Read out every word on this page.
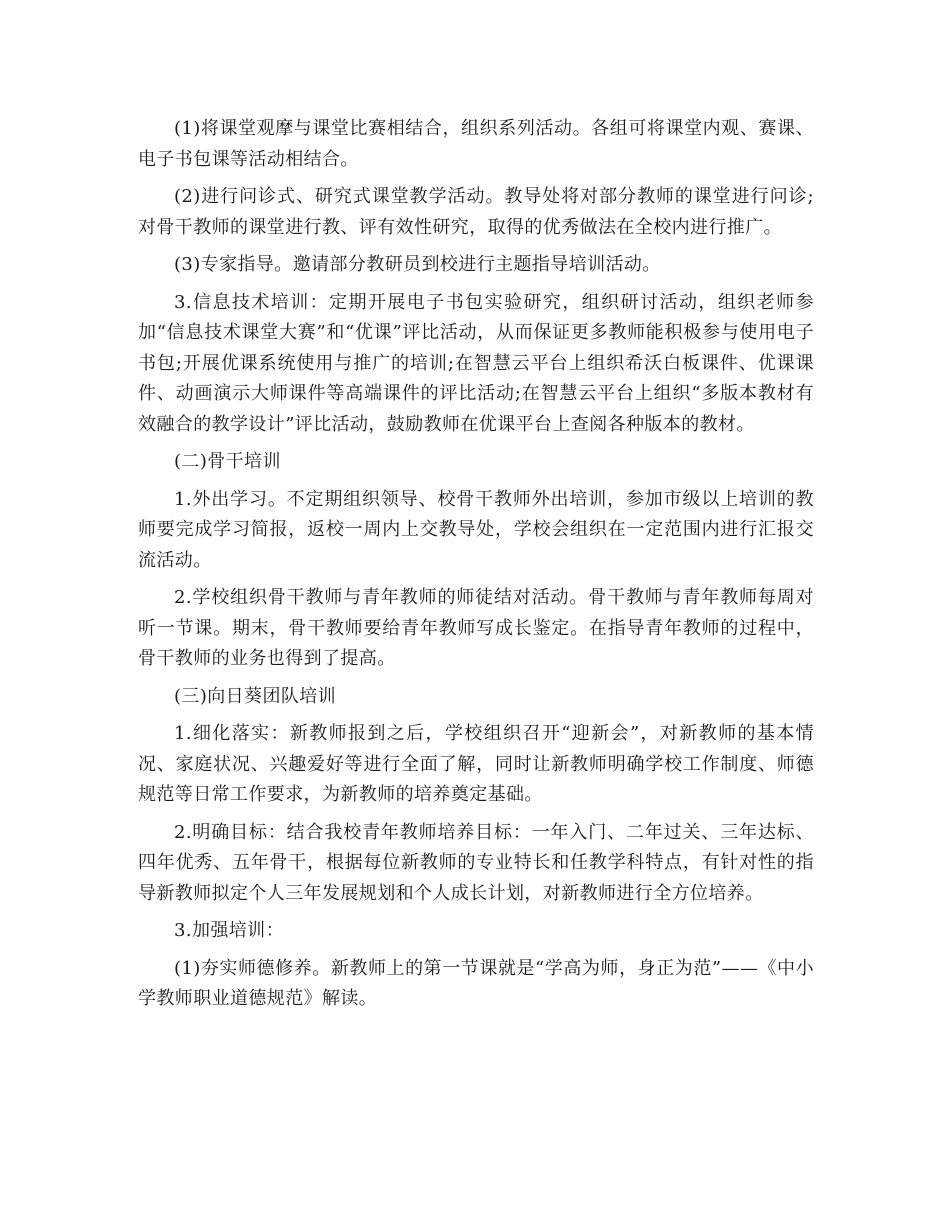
(1)将课堂观摩与课堂比赛相结合，组织系列活动。各组可将课堂内观、赛课、电子书包课等活动相结合。

(2)进行问诊式、研究式课堂教学活动。教导处将对部分教师的课堂进行问诊;对骨干教师的课堂进行教、评有效性研究，取得的优秀做法在全校内进行推广。

(3)专家指导。邀请部分教研员到校进行主题指导培训活动。

3.信息技术培训：定期开展电子书包实验研究，组织研讨活动，组织老师参加“信息技术课堂大赛”和“优课”评比活动，从而保证更多教师能积极参与使用电子书包;开展优课系统使用与推广的培训;在智慧云平台上组织希沃白板课件、优课课件、动画演示大师课件等高端课件的评比活动;在智慧云平台上组织“多版本教材有效融合的教学设计”评比活动，鼓励教师在优课平台上查阅各种版本的教材。

(二)骨干培训

1.外出学习。不定期组织领导、校骨干教师外出培训，参加市级以上培训的教师要完成学习简报，返校一周内上交教导处，学校会组织在一定范围内进行汇报交流活动。

2.学校组织骨干教师与青年教师的师徒结对活动。骨干教师与青年教师每周对听一节课。期末，骨干教师要给青年教师写成长鉴定。在指导青年教师的过程中，骨干教师的业务也得到了提高。

(三)向日葵团队培训

1.细化落实：新教师报到之后，学校组织召开“迎新会”，对新教师的基本情况、家庭状况、兴趣爱好等进行全面了解，同时让新教师明确学校工作制度、师德规范等日常工作要求，为新教师的培养奠定基础。

2.明确目标：结合我校青年教师培养目标：一年入门、二年过关、三年达标、四年优秀、五年骨干，根据每位新教师的专业特长和任教学科特点，有针对性的指导新教师拟定个人三年发展规划和个人成长计划，对新教师进行全方位培养。

3.加强培训：

(1)夯实师德修养。新教师上的第一节课就是“学高为师，身正为范”——《中小学教师职业道德规范》解读。
